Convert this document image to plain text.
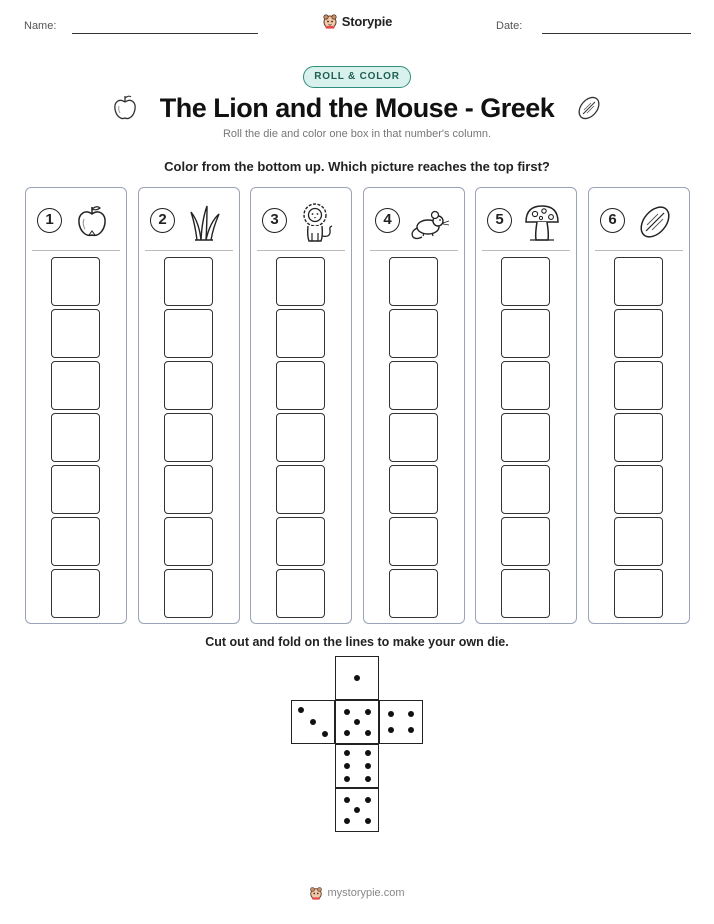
Name:	Storypie	Date:
ROLL & COLOR
The Lion and the Mouse - Greek
Roll the die and color one box in that number's column.
Color from the bottom up. Which picture reaches the top first?
1	2	3	4	5	6
Cut out and fold on the lines to make your own die.
mystorypie.com
